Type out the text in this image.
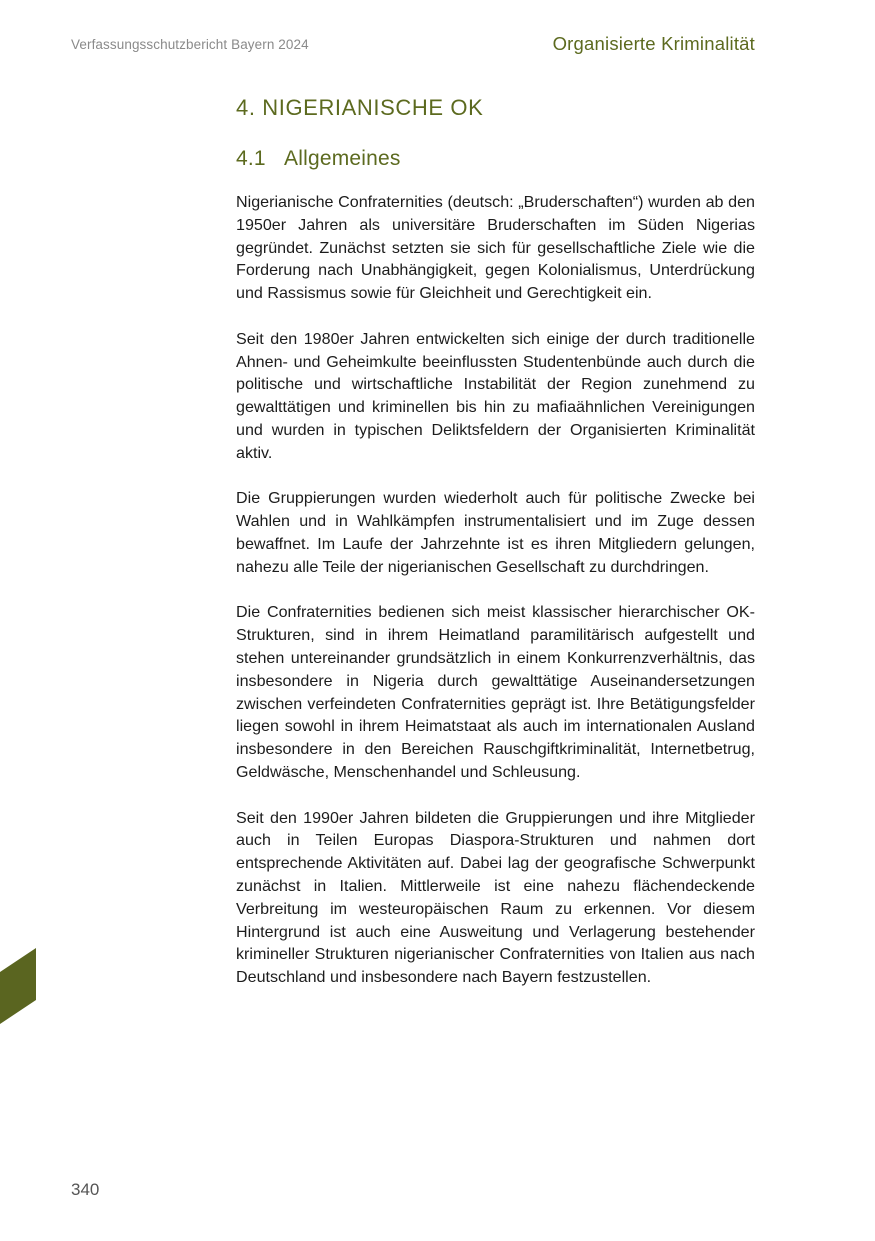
Verfassungsschutzbericht Bayern 2024	Organisierte Kriminalität
4. NIGERIANISCHE OK
4.1 Allgemeines

Nigerianische Confraternities (deutsch: „Bruderschaften“) wurden ab den 1950er Jahren als universitäre Bruderschaften im Süden Nigerias gegründet. Zunächst setzten sie sich für gesellschaftliche Ziele wie die Forderung nach Unabhängigkeit, gegen Kolonialismus, Unterdrückung und Rassismus sowie für Gleichheit und Gerechtigkeit ein.

Seit den 1980er Jahren entwickelten sich einige der durch traditionelle Ahnen- und Geheimkulte beeinflussten Studentenbünde auch durch die politische und wirtschaftliche Instabilität der Region zunehmend zu gewalttätigen und kriminellen bis hin zu mafiaähnlichen Vereinigungen und wurden in typischen Deliktsfeldern der Organisierten Kriminalität aktiv.

Die Gruppierungen wurden wiederholt auch für politische Zwecke bei Wahlen und in Wahlkämpfen instrumentalisiert und im Zuge dessen bewaffnet. Im Laufe der Jahrzehnte ist es ihren Mitgliedern gelungen, nahezu alle Teile der nigerianischen Gesellschaft zu durchdringen.

Die Confraternities bedienen sich meist klassischer hierarchischer OK-Strukturen, sind in ihrem Heimatland paramilitärisch aufgestellt und stehen untereinander grundsätzlich in einem Konkurrenzverhältnis, das insbesondere in Nigeria durch gewalttätige Auseinandersetzungen zwischen verfeindeten Confraternities geprägt ist. Ihre Betätigungsfelder liegen sowohl in ihrem Heimatstaat als auch im internationalen Ausland insbesondere in den Bereichen Rauschgiftkriminalität, Internetbetrug, Geldwäsche, Menschenhandel und Schleusung.

Seit den 1990er Jahren bildeten die Gruppierungen und ihre Mitglieder auch in Teilen Europas Diaspora-Strukturen und nahmen dort entsprechende Aktivitäten auf. Dabei lag der geografische Schwerpunkt zunächst in Italien. Mittlerweile ist eine nahezu flächendeckende Verbreitung im westeuropäischen Raum zu erkennen. Vor diesem Hintergrund ist auch eine Ausweitung und Verlagerung bestehender krimineller Strukturen nigerianischer Confraternities von Italien aus nach Deutschland und insbesondere nach Bayern festzustellen.

340
